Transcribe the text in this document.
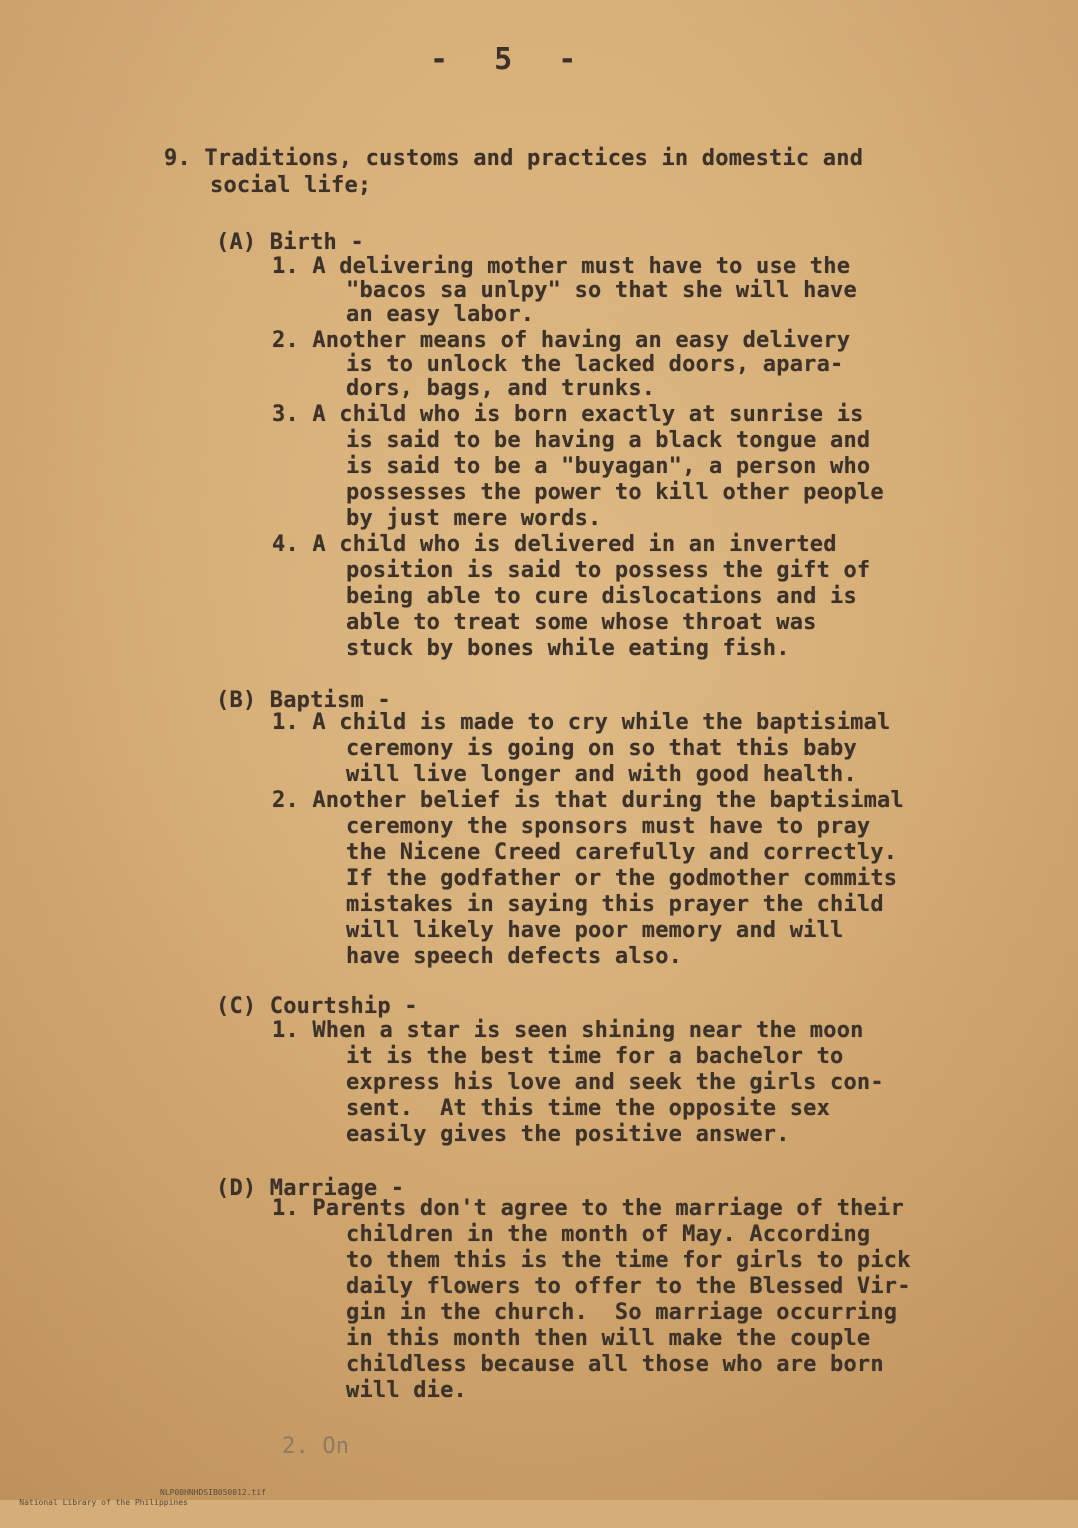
- 5 -
9. Traditions, customs and practices in domestic and
social life;
(A) Birth -
1. A delivering mother must have to use the
"bacos sa unlpy" so that she will have
an easy labor.
2. Another means of having an easy delivery
is to unlock the lacked doors, apara-
dors, bags, and trunks.
3. A child who is born exactly at sunrise is
is said to be having a black tongue and
is said to be a "buyagan", a person who
possesses the power to kill other people
by just mere words.
4. A child who is delivered in an inverted
position is said to possess the gift of
being able to cure dislocations and is
able to treat some whose throat was
stuck by bones while eating fish.
(B) Baptism -
1. A child is made to cry while the baptisimal
ceremony is going on so that this baby
will live longer and with good health.
2. Another belief is that during the baptisimal
ceremony the sponsors must have to pray
the Nicene Creed carefully and correctly.
If the godfather or the godmother commits
mistakes in saying this prayer the child
will likely have poor memory and will
have speech defects also.
(C) Courtship -
1. When a star is seen shining near the moon
it is the best time for a bachelor to
express his love and seek the girls con-
sent.  At this time the opposite sex
easily gives the positive answer.
(D) Marriage -
1. Parents don't agree to the marriage of their
children in the month of May. According
to them this is the time for girls to pick
daily flowers to offer to the Blessed Vir-
gin in the church.  So marriage occurring
in this month then will make the couple
childless because all those who are born
will die.
2. On

National Library of the Philippines

NLP00HNHDSIB050012.tif
